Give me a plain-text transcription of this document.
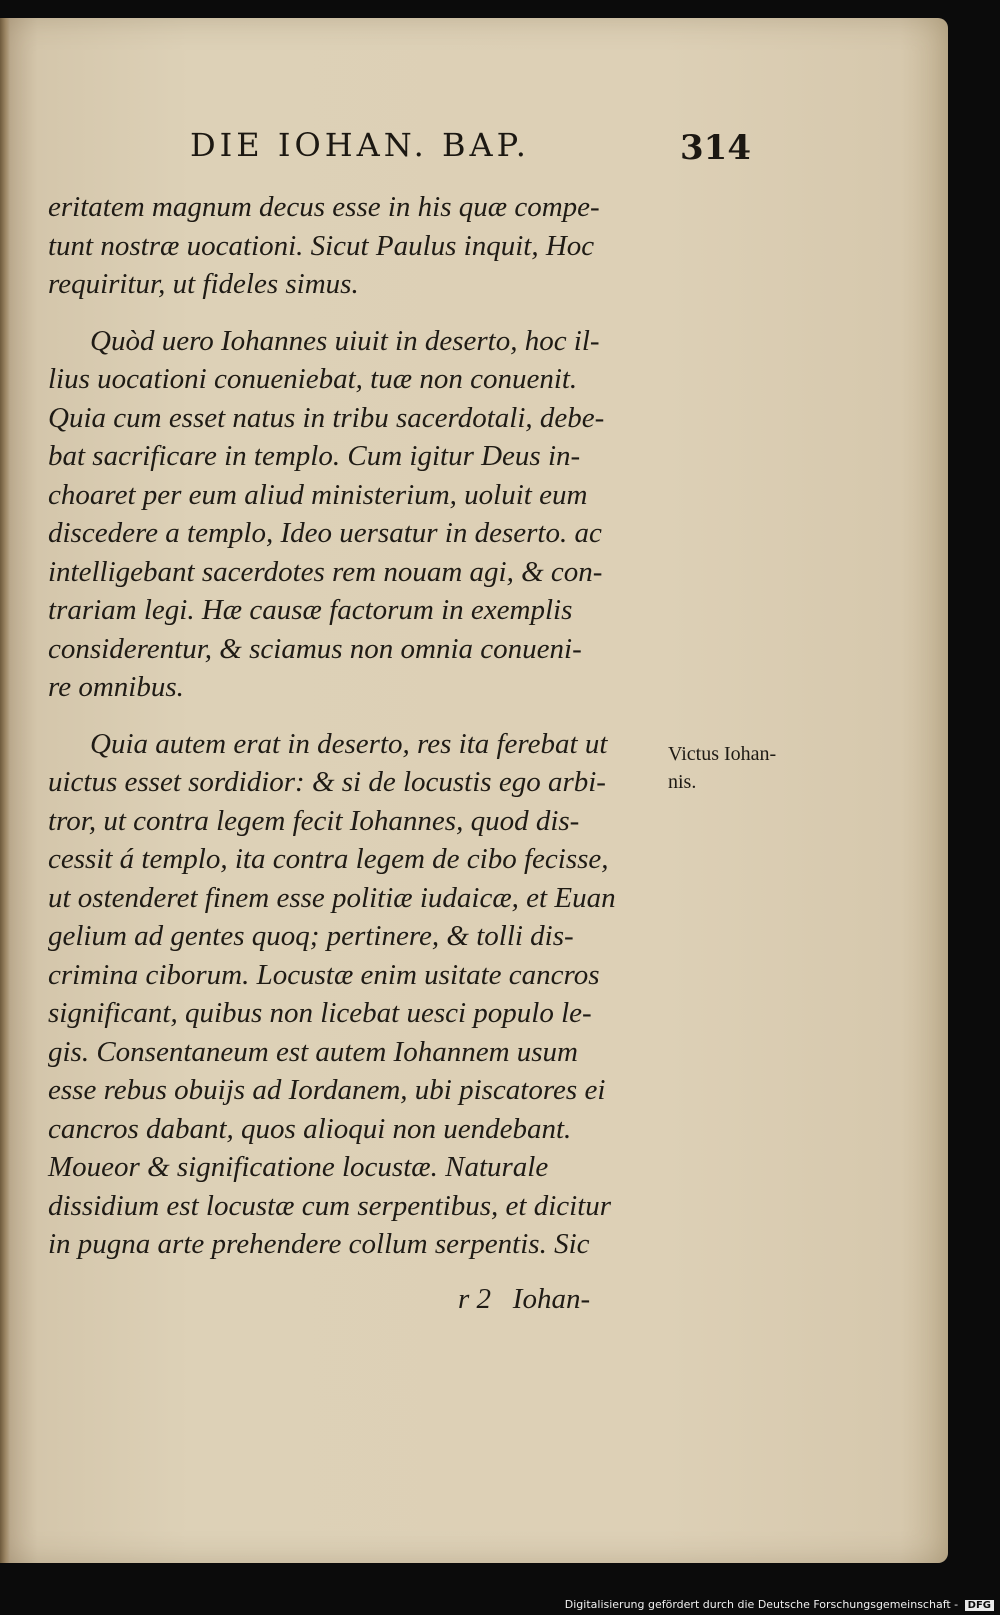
DIE IOHAN. BAP.	314
eritatem magnum decus esse in his quæ compe-
tunt nostræ uocationi. Sicut Paulus inquit, Hoc
requiritur, ut fideles simus.
Quòd uero Iohannes uiuit in deserto, hoc il-
lius uocationi conueniebat, tuæ non conuenit.
Quia cum esset natus in tribu sacerdotali, debe-
bat sacrificare in templo. Cum igitur Deus in-
choaret per eum aliud ministerium, uoluit eum
discedere a templo, Ideo uersatur in deserto. ac
intelligebant sacerdotes rem nouam agi, & con-
trariam legi. Hæ causæ factorum in exemplis
considerentur, & sciamus non omnia conueni-
re omnibus.
Quia autem erat in deserto, res ita ferebat ut
uictus esset sordidior: & si de locustis ego arbi-
tror, ut contra legem fecit Iohannes, quod dis-
cessit á templo, ita contra legem de cibo fecisse,
ut ostenderet finem esse politiæ iudaicæ, et Euan
gelium ad gentes quoq; pertinere, & tolli dis-
crimina ciborum. Locustæ enim usitate cancros
significant, quibus non licebat uesci populo le-
gis. Consentaneum est autem Iohannem usum
esse rebus obuijs ad Iordanem, ubi piscatores ei
cancros dabant, quos alioqui non uendebant.
Moueor & significatione locustæ. Naturale
dissidium est locustæ cum serpentibus, et dicitur
in pugna arte prehendere collum serpentis. Sic
Victus Iohan-
nis.
r 2   Iohan-
Digitalisierung gefördert durch die Deutsche Forschungsgemeinschaft - DFG
